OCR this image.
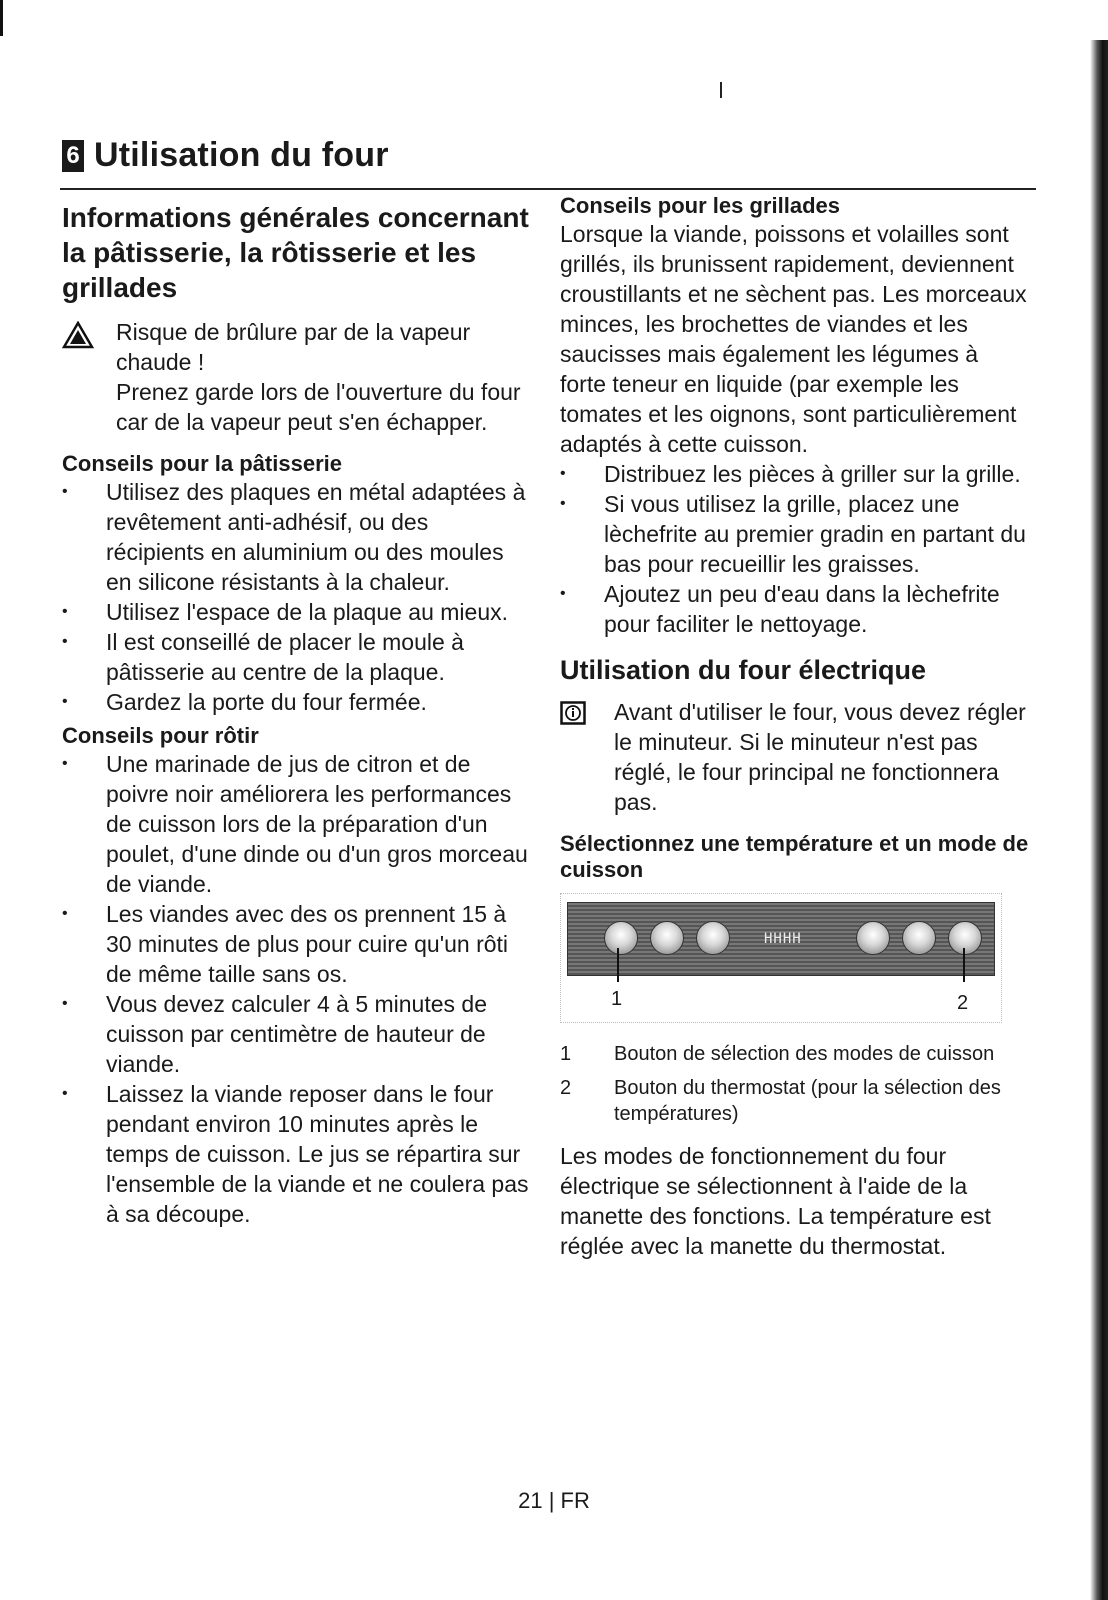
6 Utilisation du four
Informations générales concernant la pâtisserie, la rôtisserie et les grillades

Risque de brûlure par de la vapeur chaude !

Prenez garde lors de l'ouverture du four car de la vapeur peut s'en échapper.

Conseils pour la pâtisserie
• Utilisez des plaques en métal adaptées à revêtement anti-adhésif, ou des récipients en aluminium ou des moules en silicone résistants à la chaleur.
• Utilisez l'espace de la plaque au mieux.
• Il est conseillé de placer le moule à pâtisserie au centre de la plaque.
• Gardez la porte du four fermée.
Conseils pour rôtir
• Une marinade de jus de citron et de poivre noir améliorera les performances de cuisson lors de la préparation d'un poulet, d'une dinde ou d'un gros morceau de viande.
• Les viandes avec des os prennent 15 à 30 minutes de plus pour cuire qu'un rôti de même taille sans os.
• Vous devez calculer 4 à 5 minutes de cuisson par centimètre de hauteur de viande.
• Laissez la viande reposer dans le four pendant environ 10 minutes après le temps de cuisson. Le jus se répartira sur l'ensemble de la viande et ne coulera pas à sa découpe.
Conseils pour les grillades

Lorsque la viande, poissons et volailles sont grillés, ils brunissent rapidement, deviennent croustillants et ne sèchent pas. Les morceaux minces, les brochettes de viandes et les saucisses mais également les légumes à forte teneur en liquide (par exemple les tomates et les oignons, sont particulièrement adaptés à cette cuisson.

• Distribuez les pièces à griller sur la grille.
• Si vous utilisez la grille, placez une lèchefrite au premier gradin en partant du bas pour recueillir les graisses.
• Ajoutez un peu d'eau dans la lèchefrite pour faciliter le nettoyage.
Utilisation du four électrique

Avant d'utiliser le four, vous devez régler le minuteur. Si le minuteur n'est pas réglé, le four principal ne fonctionnera pas.

Sélectionnez une température et un mode de cuisson
HHHH
1	2
1	Bouton de sélection des modes de cuisson
2	Bouton du thermostat (pour la sélection des températures)

Les modes de fonctionnement du four électrique se sélectionnent à l'aide de la manette des fonctions. La température est réglée avec la manette du thermostat.

21 | FR
